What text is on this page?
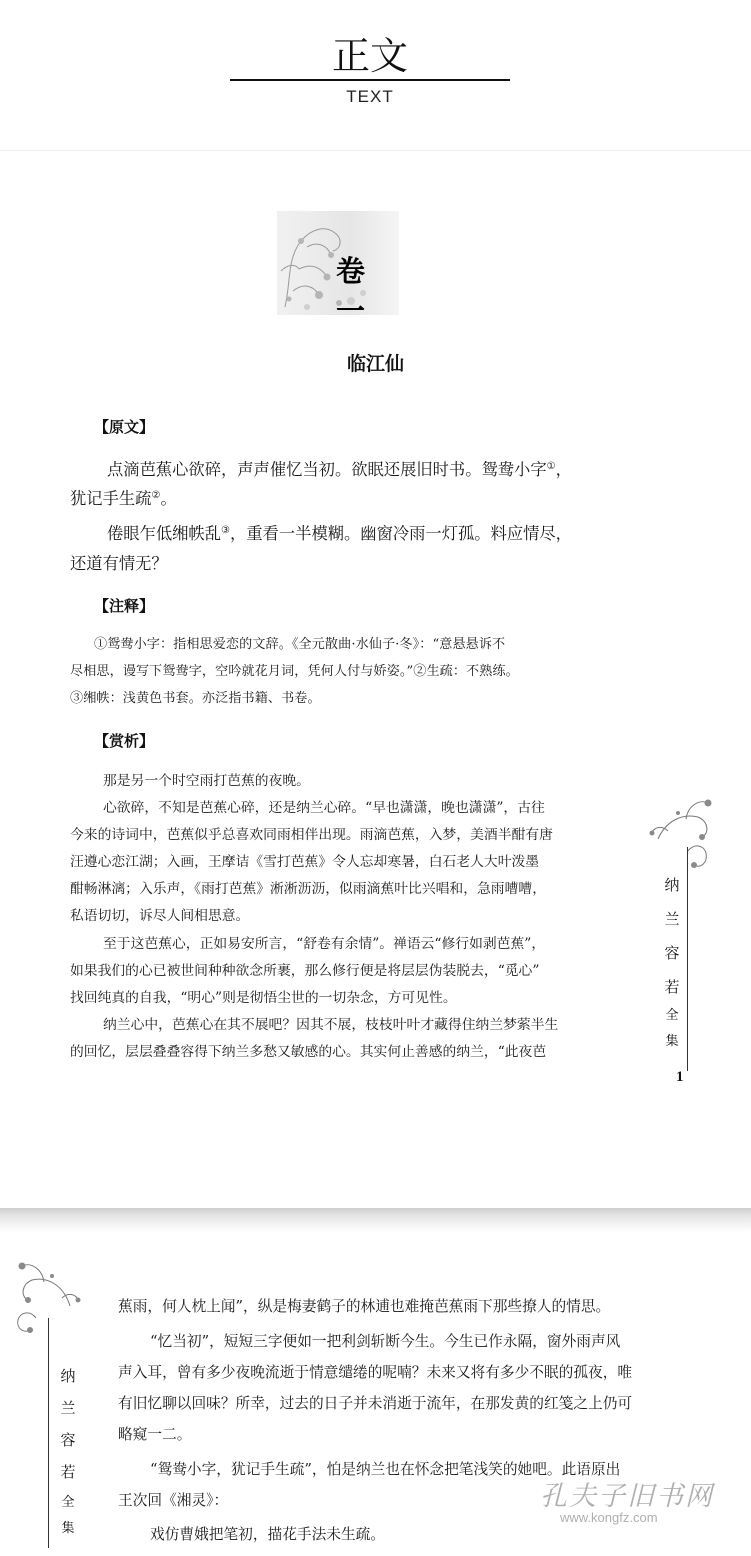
正文
TEXT
卷　一
临江仙
【原文】
点滴芭蕉心欲碎，声声催忆当初。欲眠还展旧时书。鸳鸯小字①，
犹记手生疏②。
倦眼乍低缃帙乱③，重看一半模糊。幽窗冷雨一灯孤。料应情尽，
还道有情无？
【注释】
①鸳鸯小字：指相思爱恋的文辞。《全元散曲·水仙子·冬》：“意悬悬诉不
尽相思，谩写下鸳鸯字，空吟就花月词，凭何人付与娇姿。”②生疏：不熟练。
③缃帙：浅黄色书套。亦泛指书籍、书卷。
【赏析】
那是另一个时空雨打芭蕉的夜晚。
心欲碎，不知是芭蕉心碎，还是纳兰心碎。“早也潇潇，晚也潇潇”，古往
今来的诗词中，芭蕉似乎总喜欢同雨相伴出现。雨滴芭蕉，入梦，美酒半酣有唐
汪遵心恋江湖；入画，王摩诘《雪打芭蕉》令人忘却寒暑，白石老人大叶泼墨
酣畅淋漓；入乐声，《雨打芭蕉》淅淅沥沥，似雨滴蕉叶比兴唱和，急雨嘈嘈，
私语切切，诉尽人间相思意。
至于这芭蕉心，正如易安所言，“舒卷有余情”。禅语云“修行如剥芭蕉”，
如果我们的心已被世间种种欲念所裹，那么修行便是将层层伪装脱去，“觅心”
找回纯真的自我，“明心”则是彻悟尘世的一切杂念，方可见性。
纳兰心中，芭蕉心在其不展吧？因其不展，枝枝叶叶才藏得住纳兰梦萦半生
的回忆，层层叠叠容得下纳兰多愁又敏感的心。其实何止善感的纳兰，“此夜芭
纳
兰
容
若
全
集
1
纳
兰
容
若
全
集
蕉雨，何人枕上闻”，纵是梅妻鹤子的林逋也难掩芭蕉雨下那些撩人的情思。
“忆当初”，短短三字便如一把利剑斩断今生。今生已作永隔，窗外雨声风
声入耳，曾有多少夜晚流逝于情意缱绻的呢喃？未来又将有多少不眠的孤夜，唯
有旧忆聊以回味？所幸，过去的日子并未消逝于流年，在那发黄的红笺之上仍可
略窥一二。
“鸳鸯小字，犹记手生疏”，怕是纳兰也在怀念把笔浅笑的她吧。此语原出
王次回《湘灵》：
戏仿曹娥把笔初，描花手法未生疏。
孔夫子旧书网
www.kongfz.com
